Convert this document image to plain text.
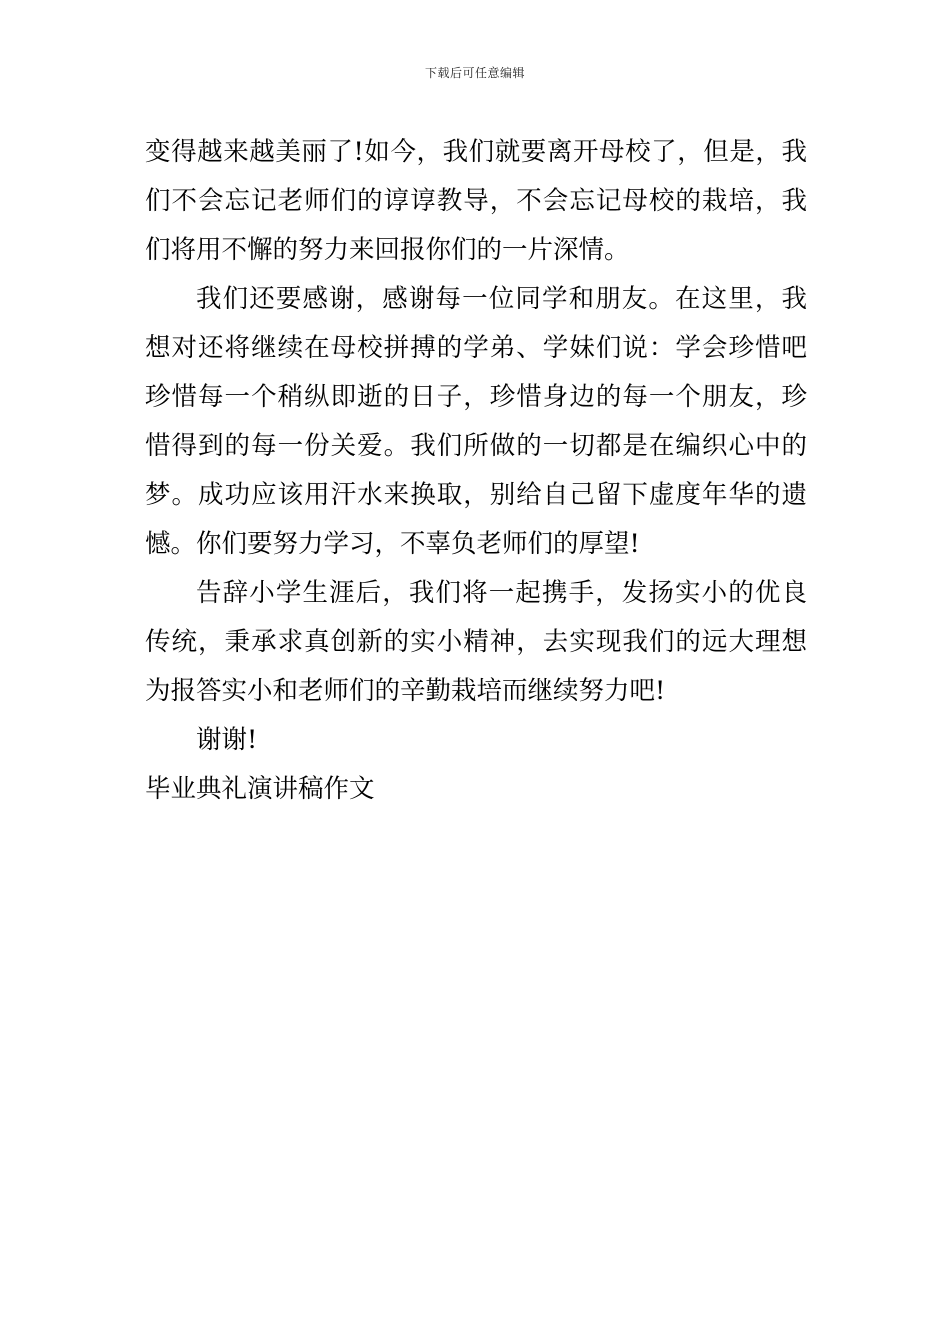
下载后可任意编辑
变得越来越美丽了!如今，我们就要离开母校了，但是，我
们不会忘记老师们的谆谆教导，不会忘记母校的栽培，我
们将用不懈的努力来回报你们的一片深情。
我们还要感谢，感谢每一位同学和朋友。在这里，我
想对还将继续在母校拼搏的学弟、学妹们说：学会珍惜吧
珍惜每一个稍纵即逝的日子，珍惜身边的每一个朋友，珍
惜得到的每一份关爱。我们所做的一切都是在编织心中的
梦。成功应该用汗水来换取，别给自己留下虚度年华的遗
憾。你们要努力学习，不辜负老师们的厚望!
告辞小学生涯后，我们将一起携手，发扬实小的优良
传统，秉承求真创新的实小精神，去实现我们的远大理想
为报答实小和老师们的辛勤栽培而继续努力吧!
谢谢!
毕业典礼演讲稿作文
